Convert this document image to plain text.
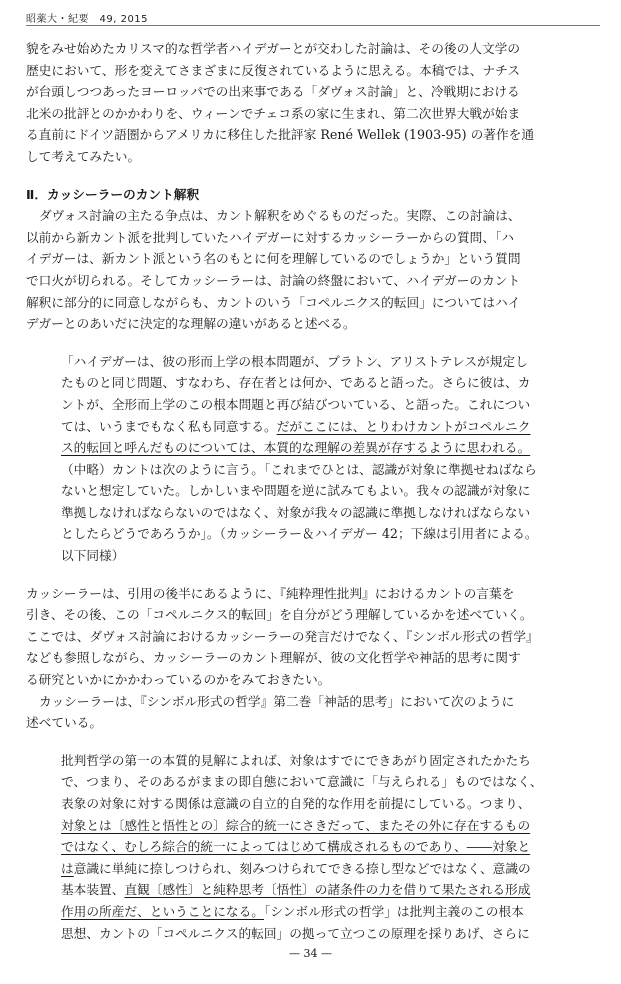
昭薬大・紀要　49, 2015

貌をみせ始めたカリスマ的な哲学者ハイデガーとが交わした討論は、その後の人文学の

歴史において、形を変えてさまざまに反復されているように思える。本稿では、ナチス

が台頭しつつあったヨーロッパでの出来事である「ダヴォス討論」と、冷戦期における

北米の批評とのかかわりを、ウィーンでチェコ系の家に生まれ、第二次世界大戦が始ま

る直前にドイツ語圏からアメリカに移住した批評家 René Wellek (1903-95) の著作を通

して考えてみたい。

Ⅱ．カッシーラーのカント解釈

ダヴォス討論の主たる争点は、カント解釈をめぐるものだった。実際、この討論は、

以前から新カント派を批判していたハイデガーに対するカッシーラーからの質問、「ハ

イデガーは、新カント派という名のもとに何を理解しているのでしょうか」という質問

で口火が切られる。そしてカッシーラーは、討論の終盤において、ハイデガーのカント

解釈に部分的に同意しながらも、カントのいう「コペルニクス的転回」についてはハイ

デガーとのあいだに決定的な理解の違いがあると述べる。

「ハイデガーは、彼の形而上学の根本問題が、プラトン、アリストテレスが規定し

たものと同じ問題、すなわち、存在者とは何か、であると語った。さらに彼は、カ

ントが、全形而上学のこの根本問題と再び結びついている、と語った。これについ

ては、いうまでもなく私も同意する。だがここには、とりわけカントがコペルニク

ス的転回と呼んだものについては、本質的な理解の差異が存するように思われる。

（中略）カントは次のように言う。「これまでひとは、認識が対象に準拠せねばなら

ないと想定していた。しかしいまや問題を逆に試みてもよい。我々の認識が対象に

準拠しなければならないのではなく、対象が我々の認識に準拠しなければならない

としたらどうであろうか」。（カッシーラー＆ハイデガー 42；下線は引用者による。

以下同様）

カッシーラーは、引用の後半にあるように、『純粋理性批判』におけるカントの言葉を

引き、その後、この「コペルニクス的転回」を自分がどう理解しているかを述べていく。

ここでは、ダヴォス討論におけるカッシーラーの発言だけでなく、『シンボル形式の哲学』

なども参照しながら、カッシーラーのカント理解が、彼の文化哲学や神話的思考に関す

る研究といかにかかわっているのかをみておきたい。

カッシーラーは、『シンボル形式の哲学』第二巻「神話的思考」において次のように

述べている。

批判哲学の第一の本質的見解によれば、対象はすでにできあがり固定されたかたち

で、つまり、そのあるがままの即自態において意識に「与えられる」ものではなく、

表象の対象に対する関係は意識の自立的自発的な作用を前提にしている。つまり、

対象とは〔感性と悟性との〕綜合的統一にさきだって、またその外に存在するもの

ではなく、むしろ綜合的統一によってはじめて構成されるものであり、――対象と

は意識に単純に捺しつけられ、刻みつけられてできる捺し型などではなく、意識の

基本装置、直観〔感性〕と純粋思考〔悟性〕の諸条件の力を借りて果たされる形成

作用の所産だ、ということになる。「シンボル形式の哲学」は批判主義のこの根本

思想、カントの「コペルニクス的転回」の拠って立つこの原理を採りあげ、さらに

— 34 —
